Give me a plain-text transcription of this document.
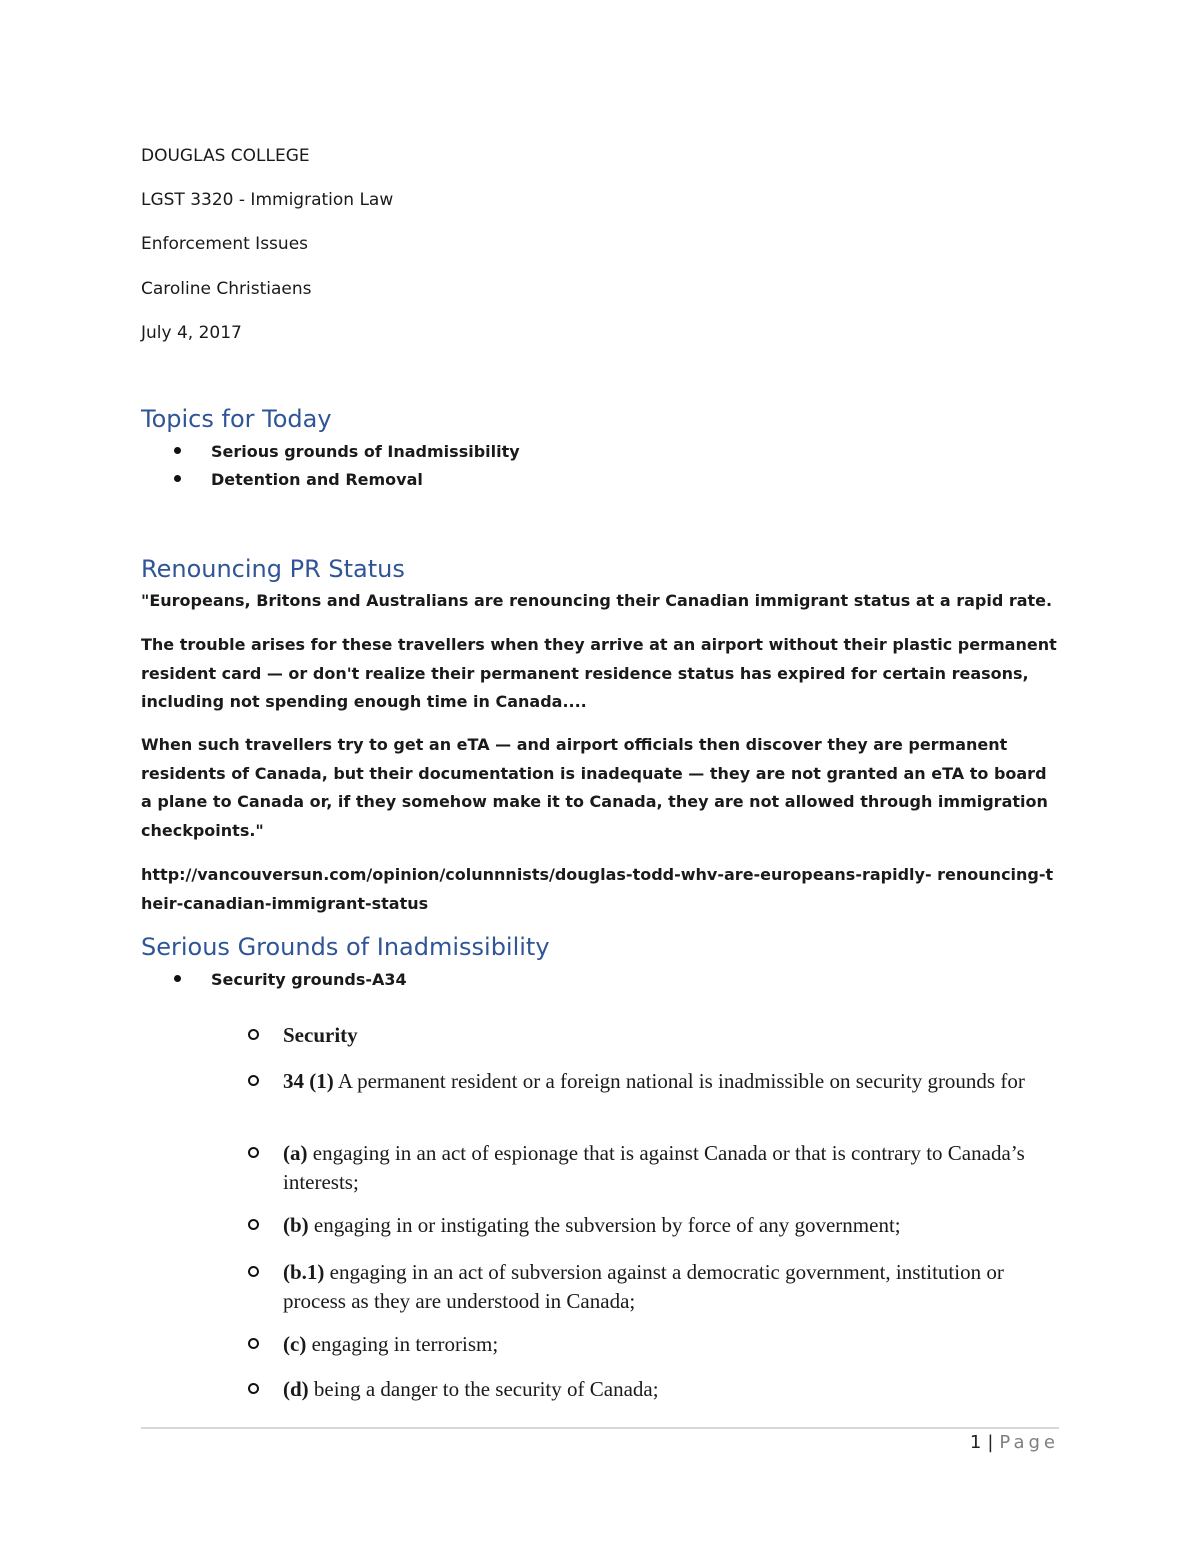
DOUGLAS COLLEGE
LGST 3320 - Immigration Law
Enforcement Issues
Caroline Christiaens
July 4, 2017
Topics for Today
Serious grounds of Inadmissibility
Detention and Removal
Renouncing PR Status

"Europeans, Britons and Australians are renouncing their Canadian immigrant status at a rapid rate.

The trouble arises for these travellers when they arrive at an airport without their plastic permanent resident card — or don't realize their permanent residence status has expired for certain reasons, including not spending enough time in Canada....

When such travellers try to get an eTA — and airport officials then discover they are permanent residents of Canada, but their documentation is inadequate — they are not granted an eTA to board a plane to Canada or, if they somehow make it to Canada, they are not allowed through immigration checkpoints."

http://vancouversun.com/opinion/colunnnists/douglas-todd-whv-are-europeans-rapidly- renouncing-their-canadian-immigrant-status

Serious Grounds of Inadmissibility
Security grounds-A34
Security
34 (1) A permanent resident or a foreign national is inadmissible on security grounds for
(a) engaging in an act of espionage that is against Canada or that is contrary to Canada’s interests;
(b) engaging in or instigating the subversion by force of any government;
(b.1) engaging in an act of subversion against a democratic government, institution or process as they are understood in Canada;
(c) engaging in terrorism;
(d) being a danger to the security of Canada;
1 | Page
